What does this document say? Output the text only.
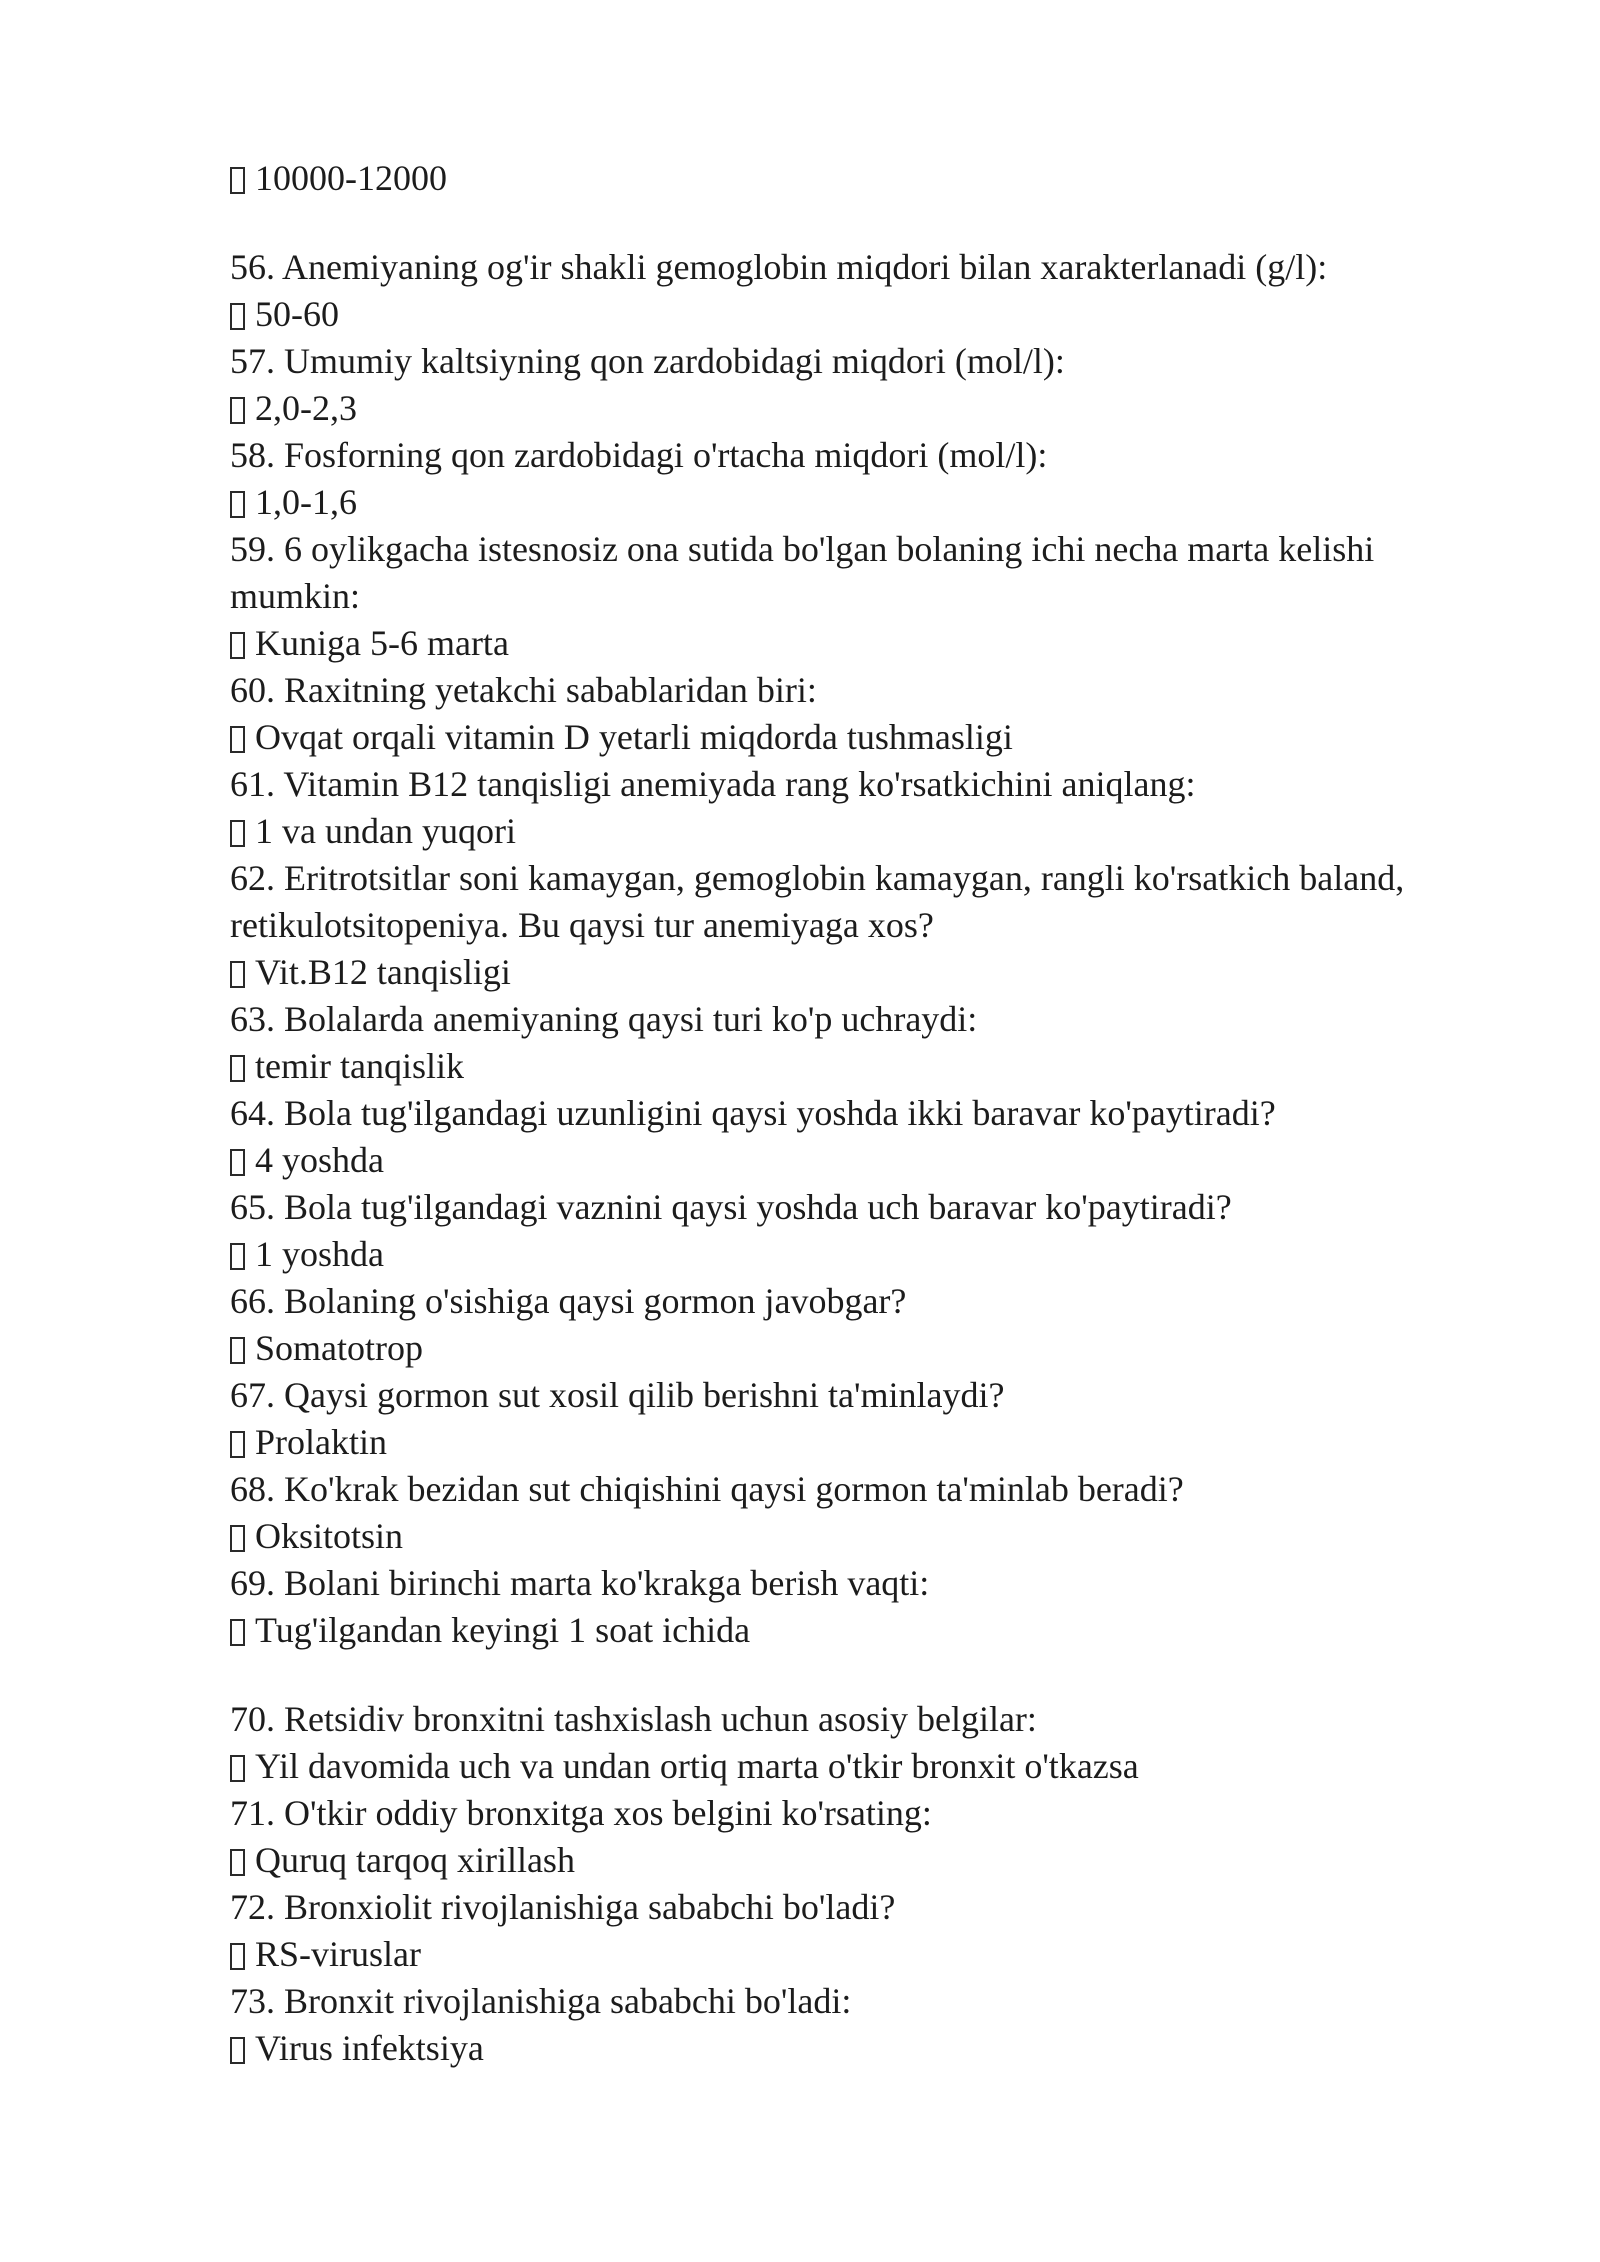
10000-12000
56. Anemiyaning og'ir shakli gemoglobin miqdori bilan xarakterlanadi (g/l):
50-60
57. Umumiy kaltsiyning qon zardobidagi miqdori (mol/l):
2,0-2,3
58. Fosforning qon zardobidagi o'rtacha miqdori (mol/l):
1,0-1,6
59. 6 oylikgacha istesnosiz ona sutida bo'lgan bolaning ichi necha marta kelishi mumkin:
Kuniga 5-6 marta
60. Raxitning yetakchi sabablaridan biri:
Ovqat orqali vitamin D yetarli miqdorda tushmasligi
61. Vitamin B12 tanqisligi anemiyada rang ko'rsatkichini aniqlang:
1 va undan yuqori
62. Eritrotsitlar soni kamaygan, gemoglobin kamaygan, rangli ko'rsatkich baland, retikulotsitopeniya. Bu qaysi tur anemiyaga xos?
Vit.B12 tanqisligi
63. Bolalarda anemiyaning qaysi turi ko'p uchraydi:
temir tanqislik
64. Bola tug'ilgandagi uzunligini qaysi yoshda ikki baravar ko'paytiradi?
4 yoshda
65. Bola tug'ilgandagi vaznini qaysi yoshda uch baravar ko'paytiradi?
1 yoshda
66. Bolaning o'sishiga qaysi gormon javobgar?
Somatotrop
67. Qaysi gormon sut xosil qilib berishni ta'minlaydi?
Prolaktin
68. Ko'krak bezidan sut chiqishini qaysi gormon ta'minlab beradi?
Oksitotsin
69. Bolani birinchi marta ko'krakga berish vaqti:
Tug'ilgandan keyingi 1 soat ichida
70. Retsidiv bronxitni tashxislash uchun asosiy belgilar:
Yil davomida uch va undan ortiq marta o'tkir bronxit o'tkazsa
71. O'tkir oddiy bronxitga xos belgini ko'rsating:
Quruq tarqoq xirillash
72. Bronxiolit rivojlanishiga sababchi bo'ladi?
RS-viruslar
73. Bronxit rivojlanishiga sababchi bo'ladi:
Virus infektsiya
